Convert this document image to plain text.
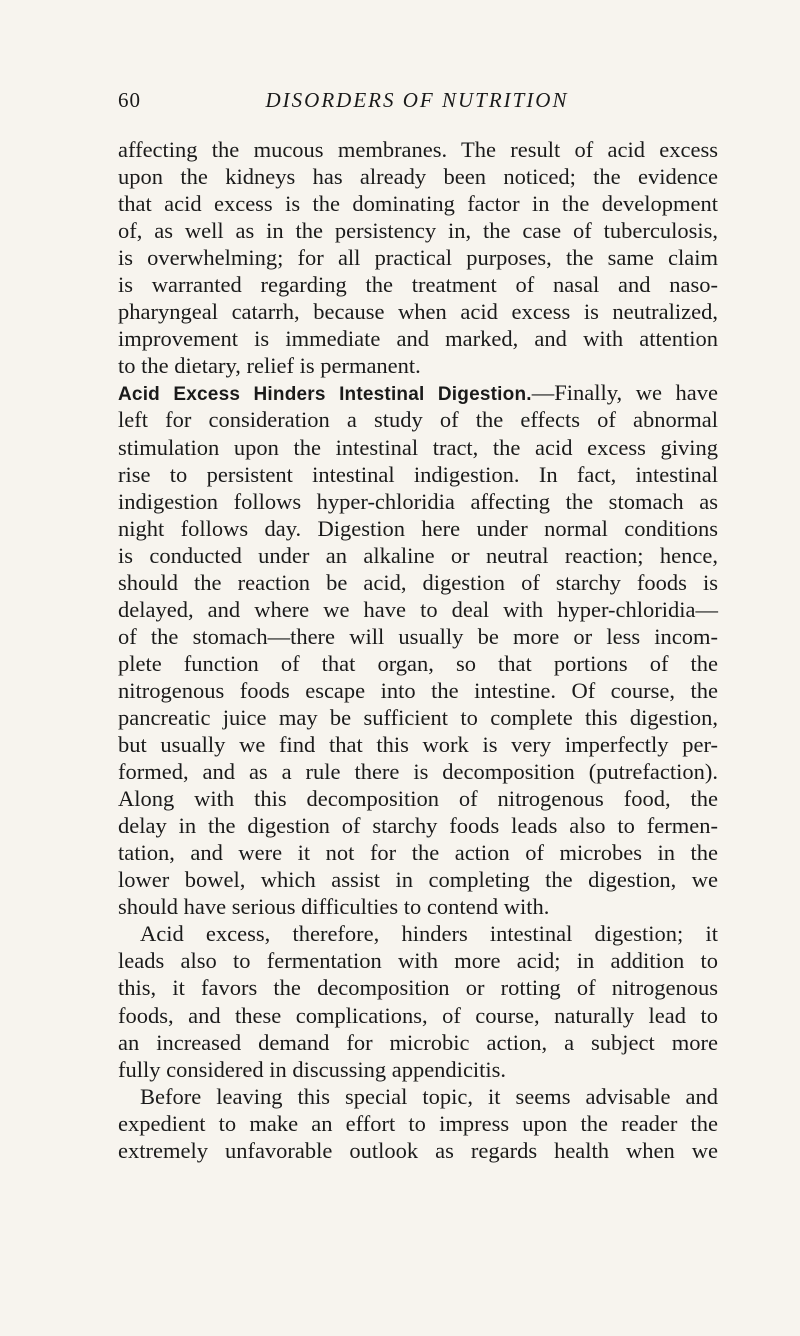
60	DISORDERS OF NUTRITION
affecting the mucous membranes. The result of acid excess
upon the kidneys has already been noticed; the evidence
that acid excess is the dominating factor in the development
of, as well as in the persistency in, the case of tuberculosis,
is overwhelming; for all practical purposes, the same claim
is warranted regarding the treatment of nasal and naso-
pharyngeal catarrh, because when acid excess is neutralized,
improvement is immediate and marked, and with attention
to the dietary, relief is permanent.
Acid Excess Hinders Intestinal Digestion.—Finally, we have
left for consideration a study of the effects of abnormal
stimulation upon the intestinal tract, the acid excess giving
rise to persistent intestinal indigestion. In fact, intestinal
indigestion follows hyper-chloridia affecting the stomach as
night follows day. Digestion here under normal conditions
is conducted under an alkaline or neutral reaction; hence,
should the reaction be acid, digestion of starchy foods is
delayed, and where we have to deal with hyper-chloridia—
of the stomach—there will usually be more or less incom-
plete function of that organ, so that portions of the
nitrogenous foods escape into the intestine. Of course, the
pancreatic juice may be sufficient to complete this digestion,
but usually we find that this work is very imperfectly per-
formed, and as a rule there is decomposition (putrefaction).
Along with this decomposition of nitrogenous food, the
delay in the digestion of starchy foods leads also to fermen-
tation, and were it not for the action of microbes in the
lower bowel, which assist in completing the digestion, we
should have serious difficulties to contend with.
Acid excess, therefore, hinders intestinal digestion; it
leads also to fermentation with more acid; in addition to
this, it favors the decomposition or rotting of nitrogenous
foods, and these complications, of course, naturally lead to
an increased demand for microbic action, a subject more
fully considered in discussing appendicitis.
Before leaving this special topic, it seems advisable and
expedient to make an effort to impress upon the reader the
extremely unfavorable outlook as regards health when we
